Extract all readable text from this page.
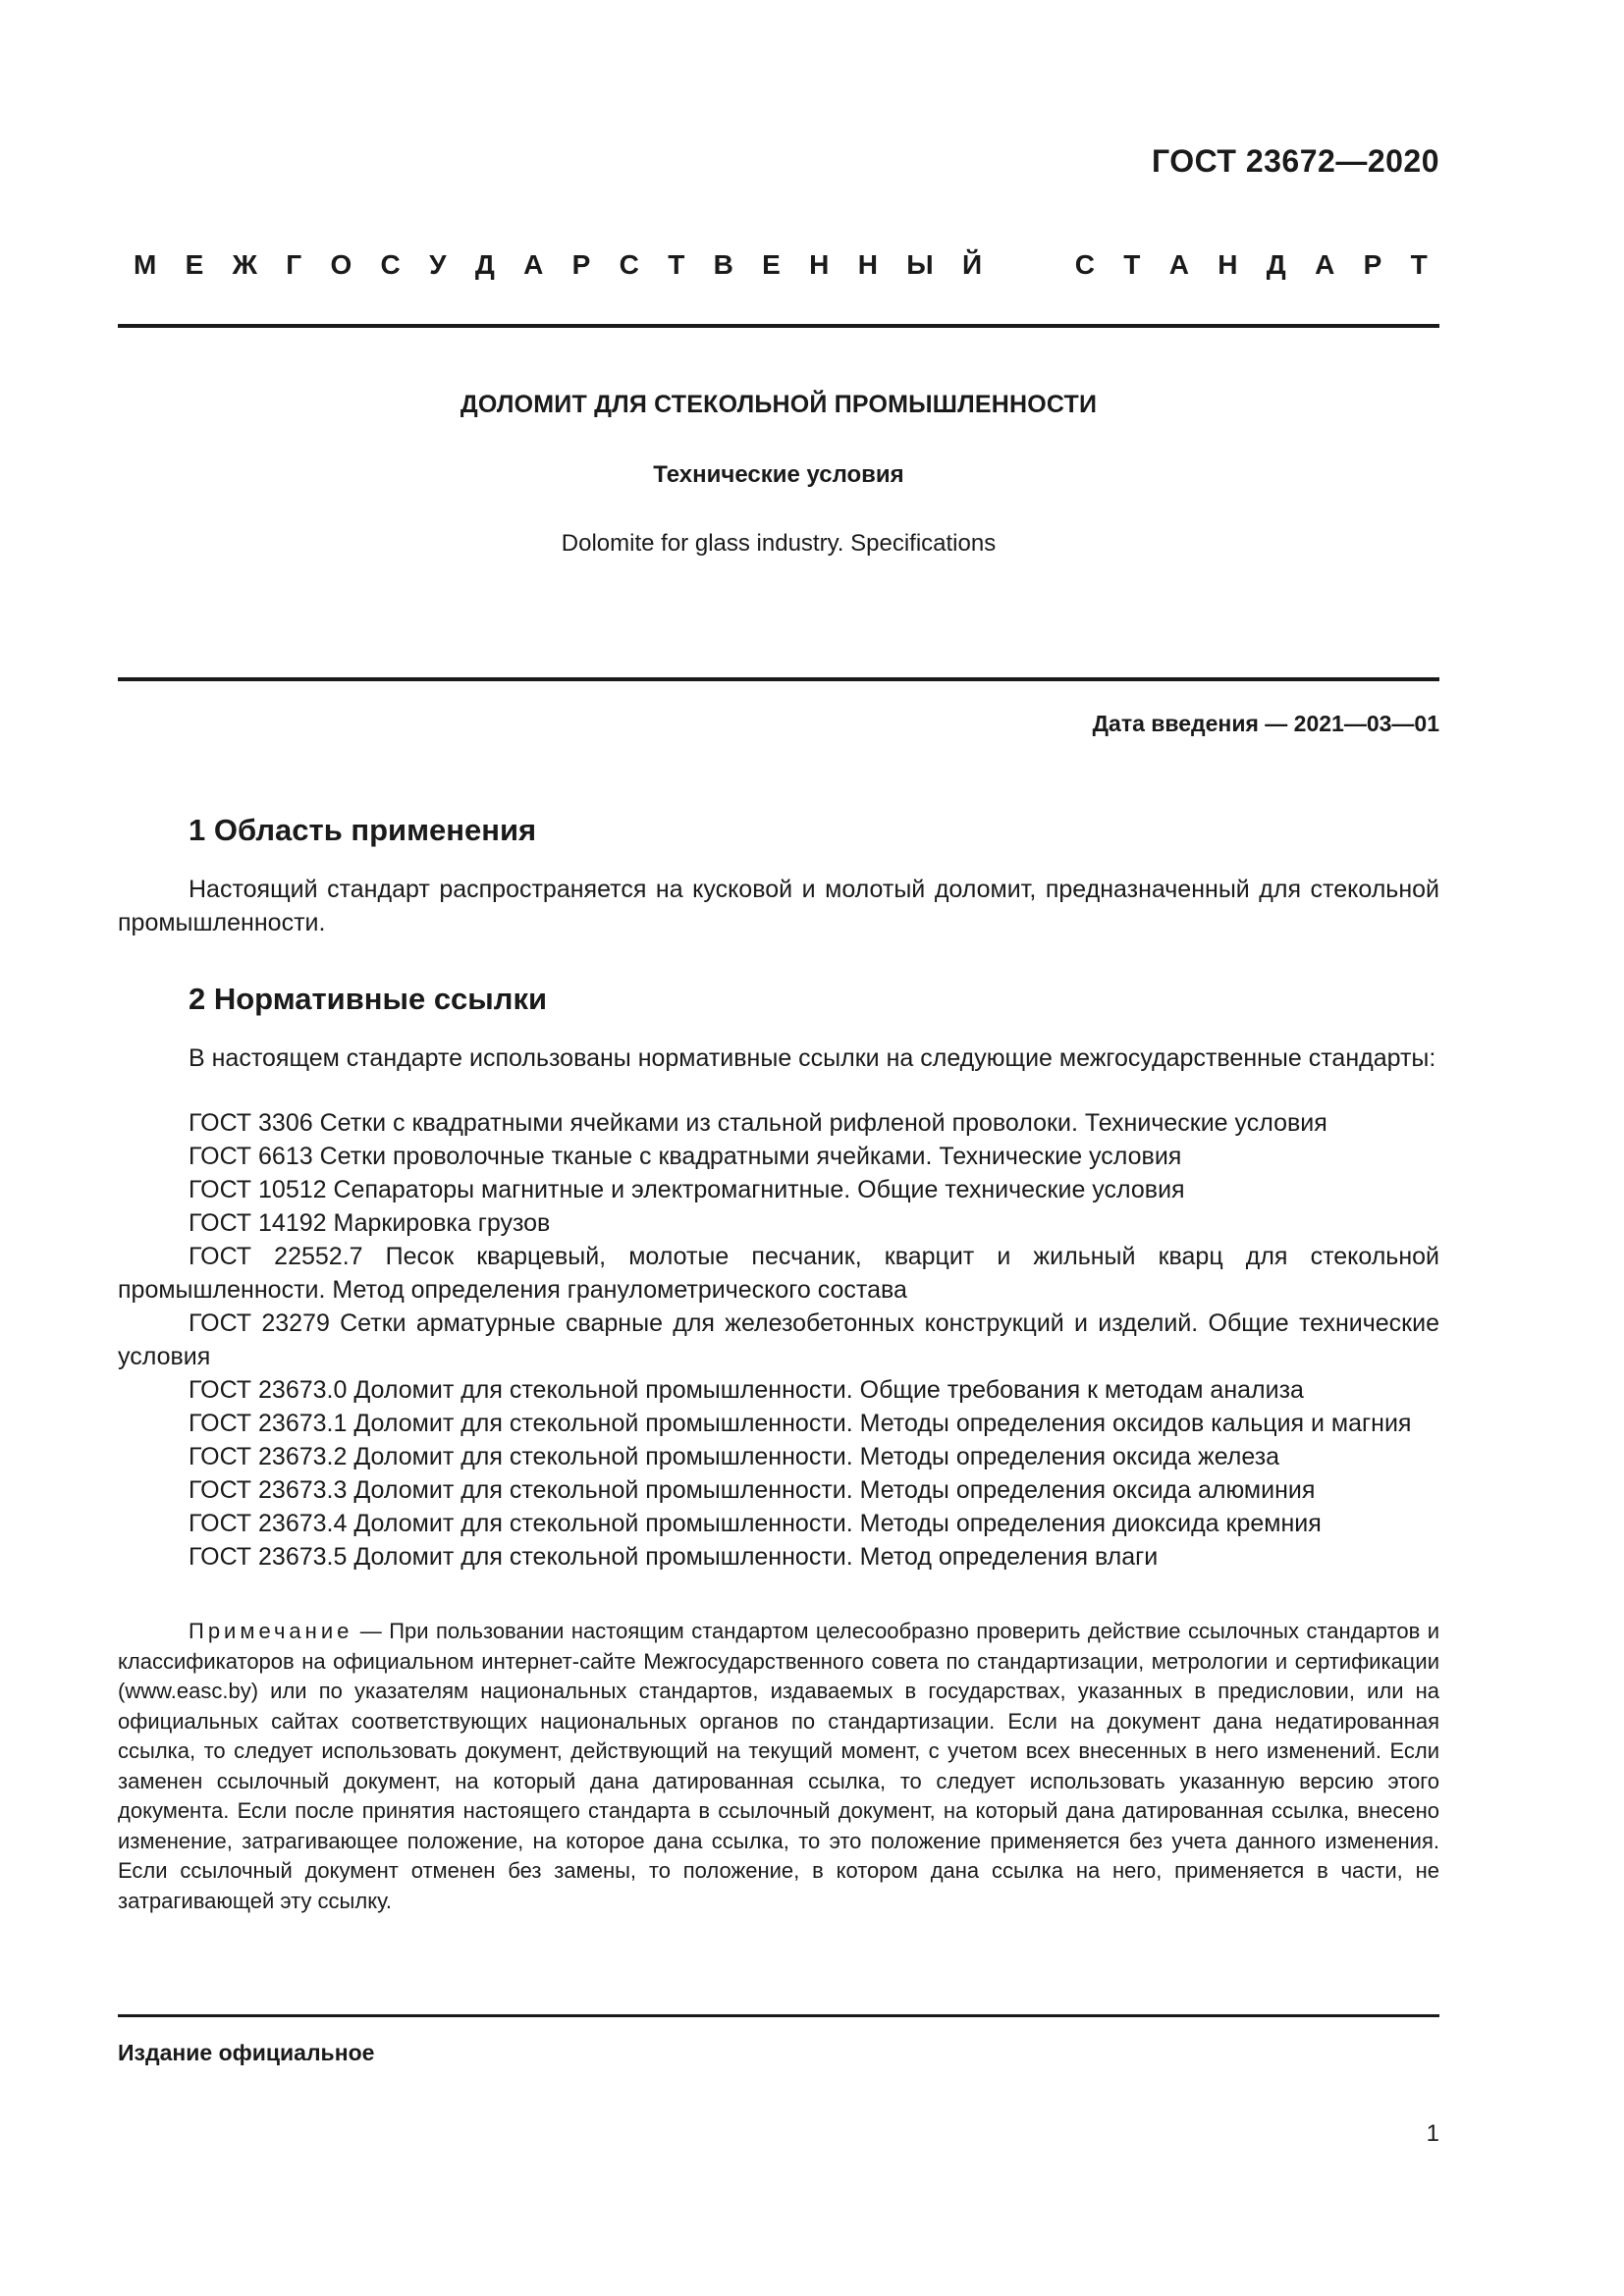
ГОСТ 23672—2020
М Е Ж Г О С У Д А Р С Т В Е Н Н Ы Й	С Т А Н Д А Р Т
ДОЛОМИТ ДЛЯ СТЕКОЛЬНОЙ ПРОМЫШЛЕННОСТИ
Технические условия
Dolomite for glass industry. Specifications
Дата введения — 2021—03—01
1 Область применения
Настоящий стандарт распространяется на кусковой и молотый доломит, предназначенный для стекольной промышленности.
2 Нормативные ссылки
В настоящем стандарте использованы нормативные ссылки на следующие межгосударственные стандарты:

ГОСТ 3306 Сетки с квадратными ячейками из стальной рифленой проволоки. Технические условия

ГОСТ 6613 Сетки проволочные тканые с квадратными ячейками. Технические условия

ГОСТ 10512 Сепараторы магнитные и электромагнитные. Общие технические условия

ГОСТ 14192 Маркировка грузов

ГОСТ 22552.7 Песок кварцевый, молотые песчаник, кварцит и жильный кварц для стекольной промышленности. Метод определения гранулометрического состава

ГОСТ 23279 Сетки арматурные сварные для железобетонных конструкций и изделий. Общие технические условия

ГОСТ 23673.0 Доломит для стекольной промышленности. Общие требования к методам анализа

ГОСТ 23673.1 Доломит для стекольной промышленности. Методы определения оксидов кальция и магния

ГОСТ 23673.2 Доломит для стекольной промышленности. Методы определения оксида железа

ГОСТ 23673.3 Доломит для стекольной промышленности. Методы определения оксида алюминия

ГОСТ 23673.4 Доломит для стекольной промышленности. Методы определения диоксида кремния

ГОСТ 23673.5 Доломит для стекольной промышленности. Метод определения влаги

Примечание — При пользовании настоящим стандартом целесообразно проверить действие ссылочных стандартов и классификаторов на официальном интернет-сайте Межгосударственного совета по стандартизации, метрологии и сертификации (www.easc.by) или по указателям национальных стандартов, издаваемых в государствах, указанных в предисловии, или на официальных сайтах соответствующих национальных органов по стандартизации. Если на документ дана недатированная ссылка, то следует использовать документ, действующий на текущий момент, с учетом всех внесенных в него изменений. Если заменен ссылочный документ, на который дана датированная ссылка, то следует использовать указанную версию этого документа. Если после принятия настоящего стандарта в ссылочный документ, на который дана датированная ссылка, внесено изменение, затрагивающее положение, на которое дана ссылка, то это положение применяется без учета данного изменения. Если ссылочный документ отменен без замены, то положение, в котором дана ссылка на него, применяется в части, не затрагивающей эту ссылку.
Издание официальное
1
